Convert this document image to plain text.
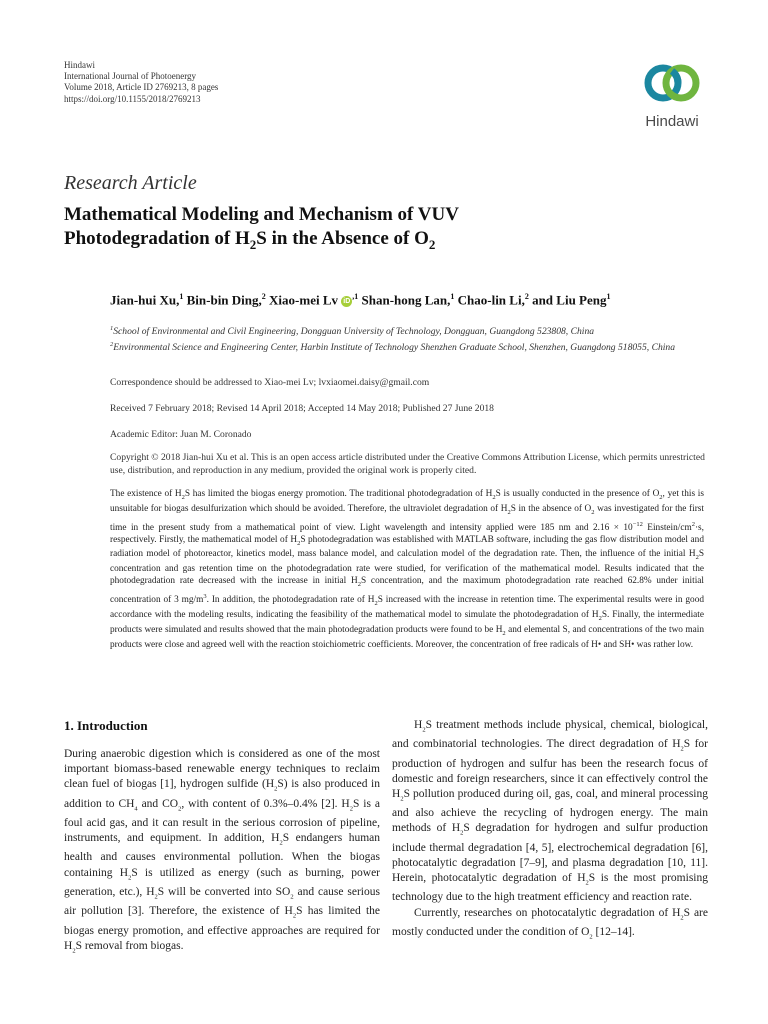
Hindawi
International Journal of Photoenergy
Volume 2018, Article ID 2769213, 8 pages
https://doi.org/10.1155/2018/2769213
Hindawi
Research Article
Mathematical Modeling and Mechanism of VUV
Photodegradation of $H_2S$ in the Absence of $O_2$
Jian-hui Xu,$^1$ Bin-bin Ding,$^2$ Xiao-mei Lv $iD^{,1}$ Shan-hong Lan,$^1$ Chao-lin Li,$^2$ and Liu Peng$^1$
$^1$School of Environmental and Civil Engineering, Dongguan University of Technology, Dongguan, Guangdong 523808, China
$^2$Environmental Science and Engineering Center, Harbin Institute of Technology Shenzhen Graduate School, Shenzhen, Guangdong 518055, China
Correspondence should be addressed to Xiao-mei Lv; lvxiaomei.daisy@gmail.com
Received 7 February 2018; Revised 14 April 2018; Accepted 14 May 2018; Published 27 June 2018
Academic Editor: Juan M. Coronado
Copyright © 2018 Jian-hui Xu et al. This is an open access article distributed under the Creative Commons Attribution License, which permits unrestricted use, distribution, and reproduction in any medium, provided the original work is properly cited.
The existence of $H_2S$ has limited the biogas energy promotion. The traditional photodegradation of $H_2S$ is usually conducted in the presence of $O_2$, yet this is unsuitable for biogas desulfurization which should be avoided. Therefore, the ultraviolet degradation of $H_2S$ in the absence of $O_2$ was investigated for the first time in the present study from a mathematical point of view. Light wavelength and intensity applied were 185 nm and $2.16 \times 10^{-12}$ Einstein/$cm^2\cdot s$, respectively. Firstly, the mathematical model of $H_2S$ photodegradation was established with MATLAB software, including the gas flow distribution model and radiation model of photoreactor, kinetics model, mass balance model, and calculation model of the degradation rate. Then, the influence of the initial $H_2S$ concentration and gas retention time on the photodegradation rate were studied, for verification of the mathematical model. Results indicated that the photodegradation rate decreased with the increase in initial $H_2S$ concentration, and the maximum photodegradation rate reached 62.8% under initial concentration of 3 $mg/m^3$. In addition, the photodegradation rate of $H_2S$ increased with the increase in retention time. The experimental results were in good accordance with the modeling results, indicating the feasibility of the mathematical model to simulate the photodegradation of $H_2S$. Finally, the intermediate products were simulated and results showed that the main photodegradation products were found to be $H_2$ and elemental S, and concentrations of the two main products were close and agreed well with the reaction stoichiometric coefficients. Moreover, the concentration of free radicals of H• and SH• was rather low.
1. Introduction

During anaerobic digestion which is considered as one of the most important biomass-based renewable energy techniques to reclaim clean fuel of biogas [1], hydrogen sulfide $(H_2S)$ is also produced in addition to $CH_4$ and $CO_2$, with content of 0.3%–0.4% [2]. $H_2S$ is a foul acid gas, and it can result in the serious corrosion of pipeline, instruments, and equipment. In addition, $H_2S$ endangers human health and causes environmental pollution. When the biogas containing $H_2S$ is utilized as energy (such as burning, power generation, etc.), $H_2S$ will be converted into $SO_2$ and cause serious air pollution [3]. Therefore, the existence of $H_2S$ has limited the biogas energy promotion, and effective approaches are required for $H_2S$ removal from biogas.

$H_2S$ treatment methods include physical, chemical, biological, and combinatorial technologies. The direct degradation of $H_2S$ for production of hydrogen and sulfur has been the research focus of domestic and foreign researchers, since it can effectively control the $H_2S$ pollution produced during oil, gas, coal, and mineral processing and also achieve the recycling of hydrogen energy. The main methods of $H_2S$ degradation for hydrogen and sulfur production include thermal degradation [4, 5], electrochemical degradation [6], photocatalytic degradation [7–9], and plasma degradation [10, 11]. Herein, photocatalytic degradation of $H_2S$ is the most promising technology due to the high treatment efficiency and reaction rate.

Currently, researches on photocatalytic degradation of $H_2S$ are mostly conducted under the condition of $O_2$ [12–14].
